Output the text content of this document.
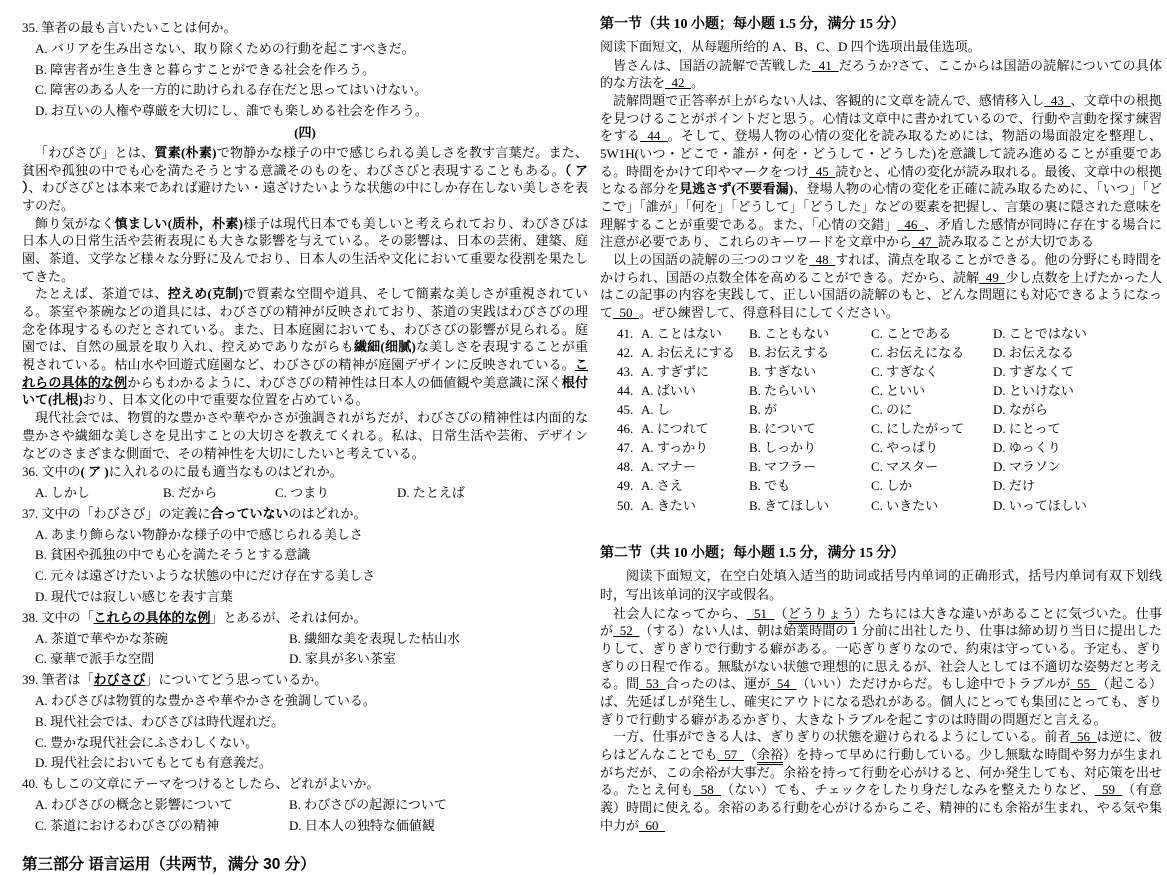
35. 筆者の最も言いたいことは何か。
A. バリアを生み出さない、取り除くための行動を起こすべきだ。
B. 障害者が生き生きと暮らすことができる社会を作ろう。
C. 障害のある人を一方的に助けられる存在だと思ってはいけない。
D. お互いの人権や尊厳を大切にし、誰でも楽しめる社会を作ろう。
(四)

「わびさび」とは、質素(朴素)で物静かな様子の中で感じられる美しさを教す言葉だ。また、貧困や孤独の中でも心を満たそうとする意識そのものを、わびさびと表現することもある。（ ア ）、わびさびとは本来であれば避けたい・遠ざけたいような状態の中にしか存在しない美しさを表すのだ。

飾り気がなく慎ましい(质朴，朴素)様子は現代日本でも美しいと考えられており、わびさびは日本人の日常生活や芸術表現にも大きな影響を与えている。その影響は、日本の芸術、建築、庭園、茶道、文学など様々な分野に及んでおり、日本人の生活や文化において重要な役割を果たしてきた。

たとえば、茶道では、控えめ(克制)で質素な空間や道具、そして簡素な美しさが重視されている。茶室や茶碗などの道具には、わびさびの精神が反映されており、茶道の実践はわびさびの理念を体現するものだとされている。また、日本庭園においても、わびさびの影響が見られる。庭園では、自然の風景を取り入れ、控えめでありながらも繊細(细腻)な美しさを表現することが重視されている。枯山水や回遊式庭園など、わびさびの精神が庭園デザインに反映されている。これらの具体的な例からもわかるように、わびさびの精神性は日本人の価値観や美意識に深く根付いて(扎根)おり、日本文化の中で重要な位置を占めている。

現代社会では、物質的な豊かさや華やかさが強調されがちだが、わびさびの精神性は内面的な豊かさや繊細な美しさを見出すことの大切さを教えてくれる。私は、日常生活や芸術、デザインなどのさまざまな側面で、その精神性を大切にしたいと考えている。

36. 文中の( ア )に入れるのに最も適当なものはどれか。
A. しかし	B. だから	C. つまり	D. たとえば
37. 文中の「わびさび」の定義に合っていないのはどれか。
A. あまり飾らない物静かな様子の中で感じられる美しさ
B. 貧困や孤独の中でも心を満たそうとする意識
C. 元々は遠ざけたいような状態の中にだけ存在する美しさ
D. 現代では寂しい感じを表す言葉
38. 文中の「これらの具体的な例」とあるが、それは何か。
A. 茶道で華やかな茶碗	B. 繊細な美を表現した枯山水
C. 豪華で派手な空間	D. 家具が多い茶室
39. 筆者は「わびさび」についてどう思っているか。
A. わびさびは物質的な豊かさや華やかさを強調している。
B. 現代社会では、わびさびは時代遅れだ。
C. 豊かな現代社会にふさわしくない。
D. 現代社会においてもとても有意義だ。
40. もしこの文章にテーマをつけるとしたら、どれがよいか。
A. わびさびの概念と影響について	B. わびさびの起源について
C. 茶道におけるわびさびの精神	D. 日本人の独特な価値観
第三部分 语言运用（共两节，满分 30 分）
第一节（共 10 小题；每小题 1.5 分，满分 15 分）
阅读下面短文，从每题所给的 A、B、C、D 四个选项出最佳选项。

皆さんは、国語の読解で苦戦した  41  だろうか?さて、ここからは国語の読解についての具体的な方法を  42  。

読解問題で正答率が上がらない人は、客観的に文章を読んで、感情移入し  43  、文章中の根拠を見つけることがポイントだと思う。心情は文章中に書かれているので、行動や言動を探す練習をする  44  。そして、登場人物の心情の変化を読み取るためには、物語の場面設定を整理し、5W1H(いつ・どこで・誰が・何を・どうして・どうした)を意識して読み進めることが重要である。時間をかけて印やマークをつけ  45  読むと、心情の変化が読み取れる。最後、文章中の根拠となる部分を見逃さず(不要看漏)、登場人物の心情の変化を正確に読み取るために、「いつ」「どこで」「誰が」「何を」「どうして」「どうした」などの要素を把握し、言葉の裏に隠された意味を理解することが重要である。また、「心情の交錯」  46  、矛盾した感情が同時に存在する場合に注意が必要であり、これらのキーワードを文章中から  47  読み取ることが大切である

以上の国語の読解の三つのコツを  48  すれば、満点を取ることができる。他の分野にも時間をかけられ、国語の点数全体を高めることができる。だから、読解  49  少し点数を上げたかった人はこの記事の内容を実践して、正しい国語の読解のもと、どんな問題にも対応できるようになって  50  。ぜひ練習して、得意科目にしてください。

41. A. ことはない	B. こともない	C. ことである	D. ことではない
42. A. お伝えにする	B. お伝えする	C. お伝えになる	D. お伝えなる
43. A. すぎずに	B. すぎない	C. すぎなく	D. すぎなくて
44. A. ばいい	B. たらいい	C. といい	D. といけない
45. A. し	B. が	C. のに	D. ながら
46. A. につれて	B. について	C. にしたがって	D. にとって
47. A. すっかり	B. しっかり	C. やっぱり	D. ゆっくり
48. A. マナー	B. マフラー	C. マスター	D. マラソン
49. A. さえ	B. でも	C. しか	D. だけ
50. A. きたい	B. きてほしい	C. いきたい	D. いってほしい
第二节（共 10 小题；每小题 1.5 分，满分 15 分）
阅读下面短文，在空白处填入适当的助词或括号内单词的正确形式，括号内单词有双下划线时，写出该单词的汉字或假名。

社会人になってから、  51  （どうりょう）たちには大きな違いがあることに気づいた。仕事が  52  （する）ない人は、朝は始業時間の 1 分前に出社したり、仕事は締め切り当日に提出したりして、ぎりぎりで行動する癖がある。一応ぎりぎりなので、約束は守っている。予定も、ぎりぎりの日程で作る。無駄がない状態で理想的に思えるが、社会人としては不適切な姿勢だと考える。間  53  合ったのは、運が  54  （いい）ただけからだ。もし途中でトラブルが  55  （起こる）ば、先延ばしが発生し、確実にアウトになる恐れがある。個人にとっても集団にとっても、ぎりぎりで行動する癖があるかぎり、大きなトラブルを起こすのは時間の問題だと言える。

一方、仕事ができる人は、ぎりぎりの状態を避けられるようにしている。前者  56  は逆に、彼らはどんなことでも  57  （余裕）を持って早めに行動している。少し無駄な時間や努力が生まれがちだが、この余裕が大事だ。余裕を持って行動を心がけると、何か発生しても、対応策を出せる。たとえ何も  58  （ない）ても、チェックをしたり身だしなみを整えたりなど、  59  （有意義）時間に使える。余裕のある行動を心がけるからこそ、精神的にも余裕が生まれ、やる気や集中力が  60
